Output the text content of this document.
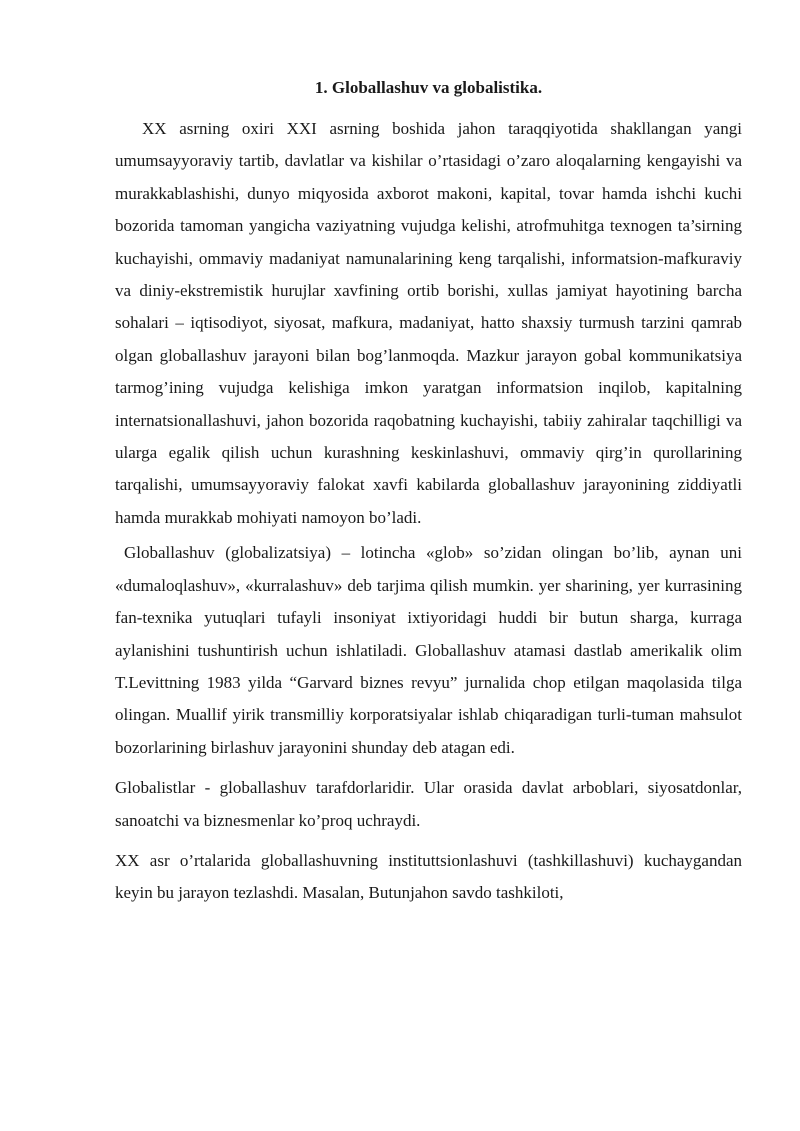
1. Globallashuv va globalistika.

XX asrning oxiri XXI asrning boshida jahon taraqqiyotida shakllangan yangi umumsayyoraviy tartib, davlatlar va kishilar o’rtasidagi o’zaro aloqalarning kengayishi va murakkablashishi, dunyo miqyosida axborot makoni, kapital, tovar hamda ishchi kuchi bozorida tamoman yangicha vaziyatning vujudga kelishi, atrofmuhitga texnogen ta’sirning kuchayishi, ommaviy madaniyat namunalarining keng tarqalishi, informatsion-mafkuraviy va diniy-ekstremistik hurujlar xavfining ortib borishi, xullas jamiyat hayotining barcha sohalari – iqtisodiyot, siyosat, mafkura, madaniyat, hatto shaxsiy turmush tarzini qamrab olgan globallashuv jarayoni bilan bog’lanmoqda. Mazkur jarayon gobal kommunikatsiya tarmog’ining vujudga kelishiga imkon yaratgan informatsion inqilob, kapitalning internatsionallashuvi, jahon bozorida raqobatning kuchayishi, tabiiy zahiralar taqchilligi va ularga egalik qilish uchun kurashning keskinlashuvi, ommaviy qirg’in qurollarining tarqalishi, umumsayyoraviy falokat xavfi kabilarda globallashuv jarayonining ziddiyatli hamda murakkab mohiyati namoyon bo’ladi.

Globallashuv (globalizatsiya) – lotincha «glob» so’zidan olingan bo’lib, aynan uni «dumaloqlashuv», «kurralashuv» deb tarjima qilish mumkin. yer sharining, yer kurrasining fan-texnika yutuqlari tufayli insoniyat ixtiyoridagi huddi bir butun sharga, kurraga aylanishini tushuntirish uchun ishlatiladi. Globallashuv atamasi dastlab amerikalik olim T.Levittning 1983 yilda “Garvard biznes revyu” jurnalida chop etilgan maqolasida tilga olingan. Muallif yirik transmilliy korporatsiyalar ishlab chiqaradigan turli-tuman mahsulot bozorlarining birlashuv jarayonini shunday deb atagan edi.

Globalistlar - globallashuv tarafdorlaridir. Ular orasida davlat arboblari, siyosatdonlar, sanoatchi va biznesmenlar ko’proq uchraydi.

XX asr o’rtalarida globallashuvning instituttsionlashuvi (tashkillashuvi) kuchaygandan keyin bu jarayon tezlashdi. Masalan, Butunjahon savdo tashkiloti,
